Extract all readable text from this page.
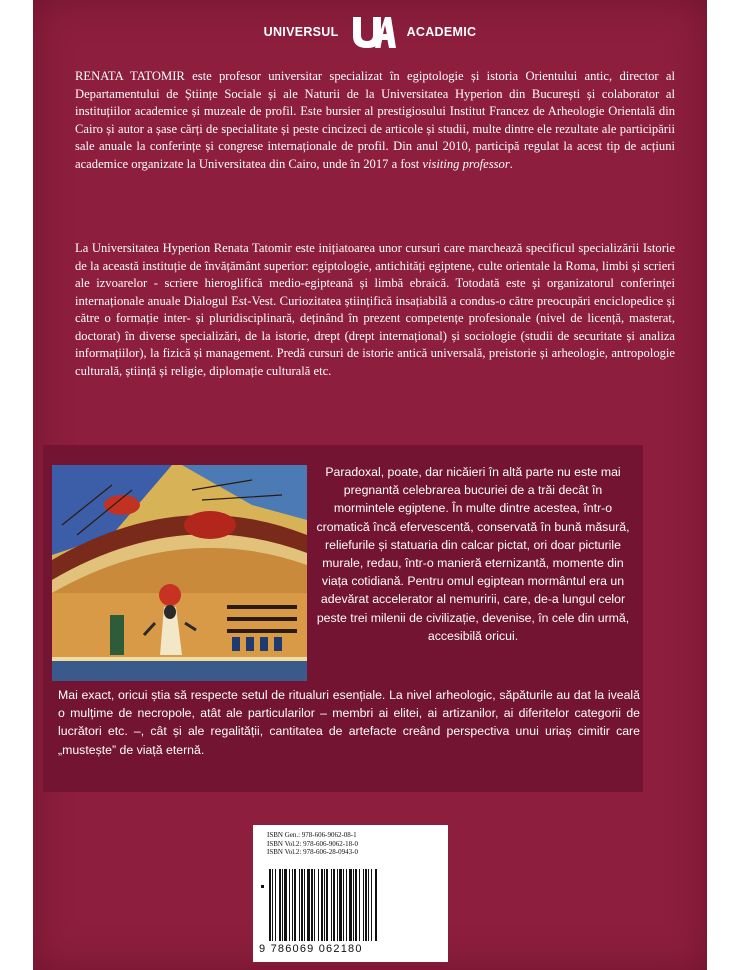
UNIVERSUL	ACADEMIC

RENATA TATOMIR este profesor universitar specializat în egiptologie și istoria Orientului antic, director al Departamentului de Științe Sociale și ale Naturii de la Universitatea Hyperion din București și colaborator al instituțiilor academice și muzeale de profil. Este bursier al prestigiosului Institut Francez de Arheologie Orientală din Cairo și autor a șase cărți de specialitate și peste cincizeci de articole și studii, multe dintre ele rezultate ale participării sale anuale la conferințe și congrese internaționale de profil. Din anul 2010, participă regulat la acest tip de acțiuni academice organizate la Universitatea din Cairo, unde în 2017 a fost visiting professor.

La Universitatea Hyperion Renata Tatomir este inițiatoarea unor cursuri care marchează specificul specializării Istorie de la această instituție de învățământ superior: egiptologie, antichități egiptene, culte orientale la Roma, limbi și scrieri ale izvoarelor - scriere hieroglifică medio-egipteană și limbă ebraică. Totodată este și organizatorul conferinței internaționale anuale Dialogul Est-Vest. Curiozitatea științifică insațiabilă a condus-o către preocupări enciclopedice și către o formație inter- și pluridisciplinară, deținând în prezent competențe profesionale (nivel de licență, masterat, doctorat) în diverse specializări, de la istorie, drept (drept internațional) și sociologie (studii de securitate și analiza informațiilor), la fizică și management. Predă cursuri de istorie antică universală, preistorie și arheologie, antropologie culturală, știință și religie, diplomație culturală etc.

Paradoxal, poate, dar nicăieri în altă parte nu este mai pregnantă celebrarea bucuriei de a trăi decât în mormintele egiptene. În multe dintre acestea, într-o cromatică încă efervescentă, conservată în bună măsură, reliefurile și statuaria din calcar pictat, ori doar picturile murale, redau, într-o manieră eternizantă, momente din viața cotidiană. Pentru omul egiptean mormântul era un adevărat accelerator al nemuririi, care, de-a lungul celor peste trei milenii de civilizație, devenise, în cele din urmă, accesibilă oricui.

Mai exact, oricui știa să respecte setul de ritualuri esențiale. La nivel arheologic, săpăturile au dat la iveală o mulțime de necropole, atât ale particularilor – membri ai elitei, ai artizanilor, ai diferitelor categorii de lucrători etc. –, cât și ale regalității, cantitatea de artefacte creând perspectiva unui uriaș cimitir care „mustește” de viață eternă.

ISBN Gen.: 978-606-9062-08-1
ISBN Vol.2: 978-606-9062-18-0
ISBN Vol.2: 978-606-28-0943-0
9 786069 062180
